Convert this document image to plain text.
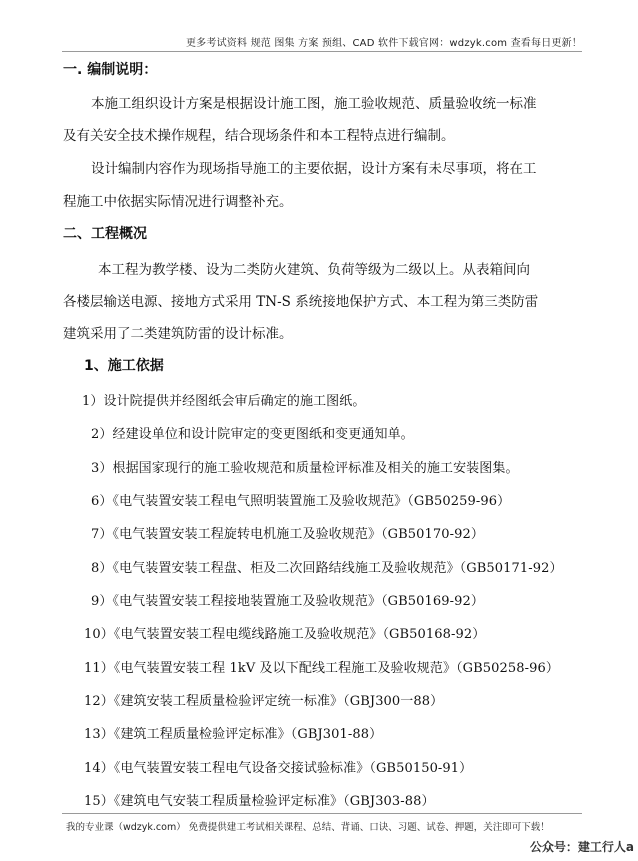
更多考试资料 规范 图集 方案 预组、CAD 软件下载官网：wdzyk.com 查看每日更新！
一. 编制说明：
本施工组织设计方案是根据设计施工图，施工验收规范、质量验收统一标准
及有关安全技术操作规程，结合现场条件和本工程特点进行编制。
设计编制内容作为现场指导施工的主要依据，设计方案有未尽事项，将在工
程施工中依据实际情况进行调整补充。
二、工程概况
本工程为教学楼、设为二类防火建筑、负荷等级为二级以上。从表箱间向
各楼层输送电源、接地方式采用 TN-S 系统接地保护方式、本工程为第三类防雷
建筑采用了二类建筑防雷的设计标准。
1、施工依据
1）设计院提供并经图纸会审后确定的施工图纸。
2）经建设单位和设计院审定的变更图纸和变更通知单。
3）根据国家现行的施工验收规范和质量检评标准及相关的施工安装图集。
6）《电气装置安装工程电气照明装置施工及验收规范》（GB50259-96）
7）《电气装置安装工程旋转电机施工及验收规范》（GB50170-92）
8）《电气装置安装工程盘、柜及二次回路结线施工及验收规范》（GB50171-92）
9）《电气装置安装工程接地装置施工及验收规范》（GB50169-92）
10）《电气装置安装工程电缆线路施工及验收规范》（GB50168-92）
11）《电气装置安装工程 1kV 及以下配线工程施工及验收规范》（GB50258-96）
12）《建筑安装工程质量检验评定统一标准》（GBJ300一88）
13）《建筑工程质量检验评定标准》（GBJ301-88）
14）《电气装置安装工程电气设备交接试验标准》（GB50150-91）
15）《建筑电气安装工程质量检验评定标准》（GBJ303-88）
我的专业课（wdzyk.com） 免费提供建工考试相关课程、总结、背诵、口诀、习题、试卷、押题，关注即可下载！
公众号：建工行人a
